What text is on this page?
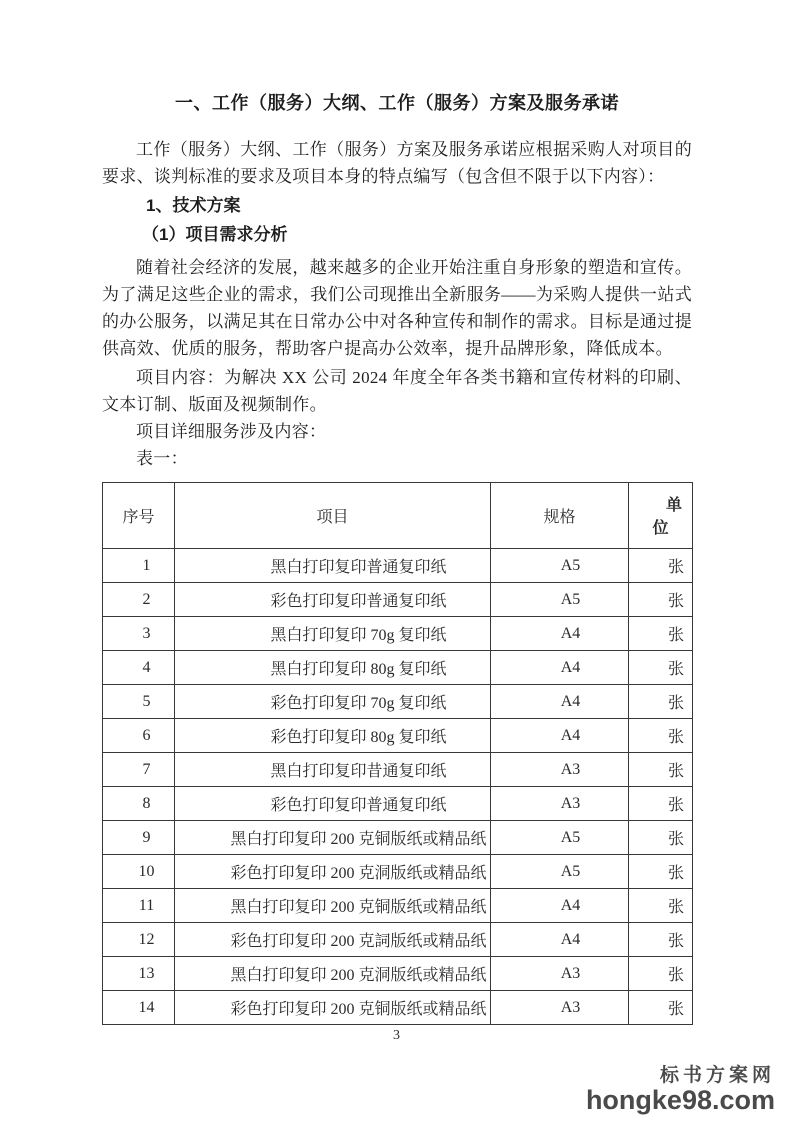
一、工作（服务）大纲、工作（服务）方案及服务承诺

工作（服务）大纲、工作（服务）方案及服务承诺应根据采购人对项目的要求、谈判标准的要求及项目本身的特点编写（包含但不限于以下内容）：

1、技术方案
（1）项目需求分析

随着社会经济的发展，越来越多的企业开始注重自身形象的塑造和宣传。为了满足这些企业的需求，我们公司现推出全新服务——为采购人提供一站式的办公服务，以满足其在日常办公中对各种宣传和制作的需求。目标是通过提供高效、优质的服务，帮助客户提高办公效率，提升品牌形象，降低成本。

项目内容：为解决 XX 公司 2024 年度全年各类书籍和宣传材料的印刷、文本订制、版面及视频制作。

项目详细服务涉及内容：

表一：

序号	项目	规格	单
位

1	黑白打印复印普通复印纸	A5	张
2	彩色打印复印普通复印纸	A5	张
3	黑白打印复印 70g 复印纸	A4	张
4	黑白打印复印 80g 复印纸	A4	张
5	彩色打印复印 70g 复印纸	A4	张
6	彩色打印复印 80g 复印纸	A4	张
7	黑白打印复印昔通复印纸	A3	张
8	彩色打印复印普通复印纸	A3	张
9	黑白打印复印 200 克铜版纸或精品纸	A5	张
10	彩色打印复印 200 克洞版纸或精品纸	A5	张
11	黑白打印复印 200 克铜版纸或精品纸	A4	张
12	彩色打印复印 200 克詞版纸或精品纸	A4	张
13	黑白打印复印 200 克洞版纸或精品纸	A3	张
14	彩色打印复印 200 克铜版纸或精品纸	A3	张
3
标书方案网
hongke98.com
